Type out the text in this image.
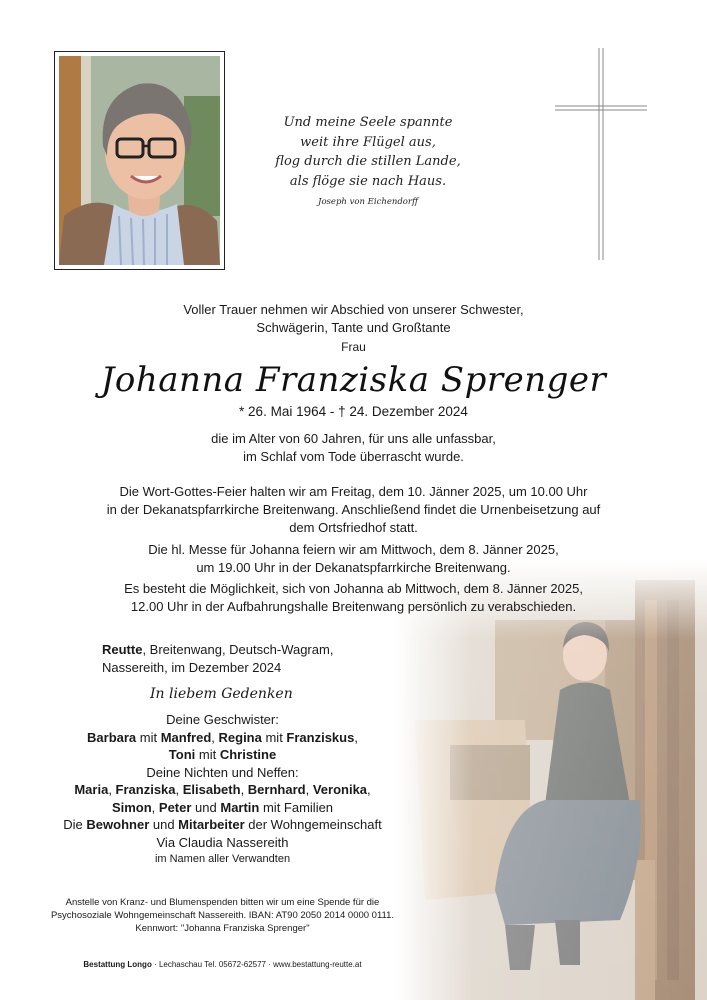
Und meine Seele spannte
weit ihre Flügel aus,
flog durch die stillen Lande,
als flöge sie nach Haus.
Joseph von Eichendorff
Voller Trauer nehmen wir Abschied von unserer Schwester,
Schwägerin, Tante und Großtante
Frau
Johanna Franziska Sprenger
* 26. Mai 1964 - † 24. Dezember 2024
die im Alter von 60 Jahren, für uns alle unfassbar,
im Schlaf vom Tode überrascht wurde.
Die Wort-Gottes-Feier halten wir am Freitag, dem 10. Jänner 2025, um 10.00 Uhr
in der Dekanatspfarrkirche Breitenwang. Anschließend findet die Urnenbeisetzung auf
dem Ortsfriedhof statt.
Die hl. Messe für Johanna feiern wir am Mittwoch, dem 8. Jänner 2025,
um 19.00 Uhr in der Dekanatspfarrkirche Breitenwang.
Es besteht die Möglichkeit, sich von Johanna ab Mittwoch, dem 8. Jänner 2025,
12.00 Uhr in der Aufbahrungshalle Breitenwang persönlich zu verabschieden.
Reutte, Breitenwang, Deutsch-Wagram,
Nassereith, im Dezember 2024
In liebem Gedenken
Deine Geschwister:
Barbara mit Manfred, Regina mit Franziskus,
Toni mit Christine
Deine Nichten und Neffen:
Maria, Franziska, Elisabeth, Bernhard, Veronika,
Simon, Peter und Martin mit Familien
Die Bewohner und Mitarbeiter der Wohngemeinschaft
Via Claudia Nassereith
im Namen aller Verwandten
Anstelle von Kranz- und Blumenspenden bitten wir um eine Spende für die
Psychosoziale Wohngemeinschaft Nassereith. IBAN: AT90 2050 2014 0000 0111.
Kennwort: "Johanna Franziska Sprenger"
Bestattung Longo · Lechaschau Tel. 05672-62577 · www.bestattung-reutte.at
